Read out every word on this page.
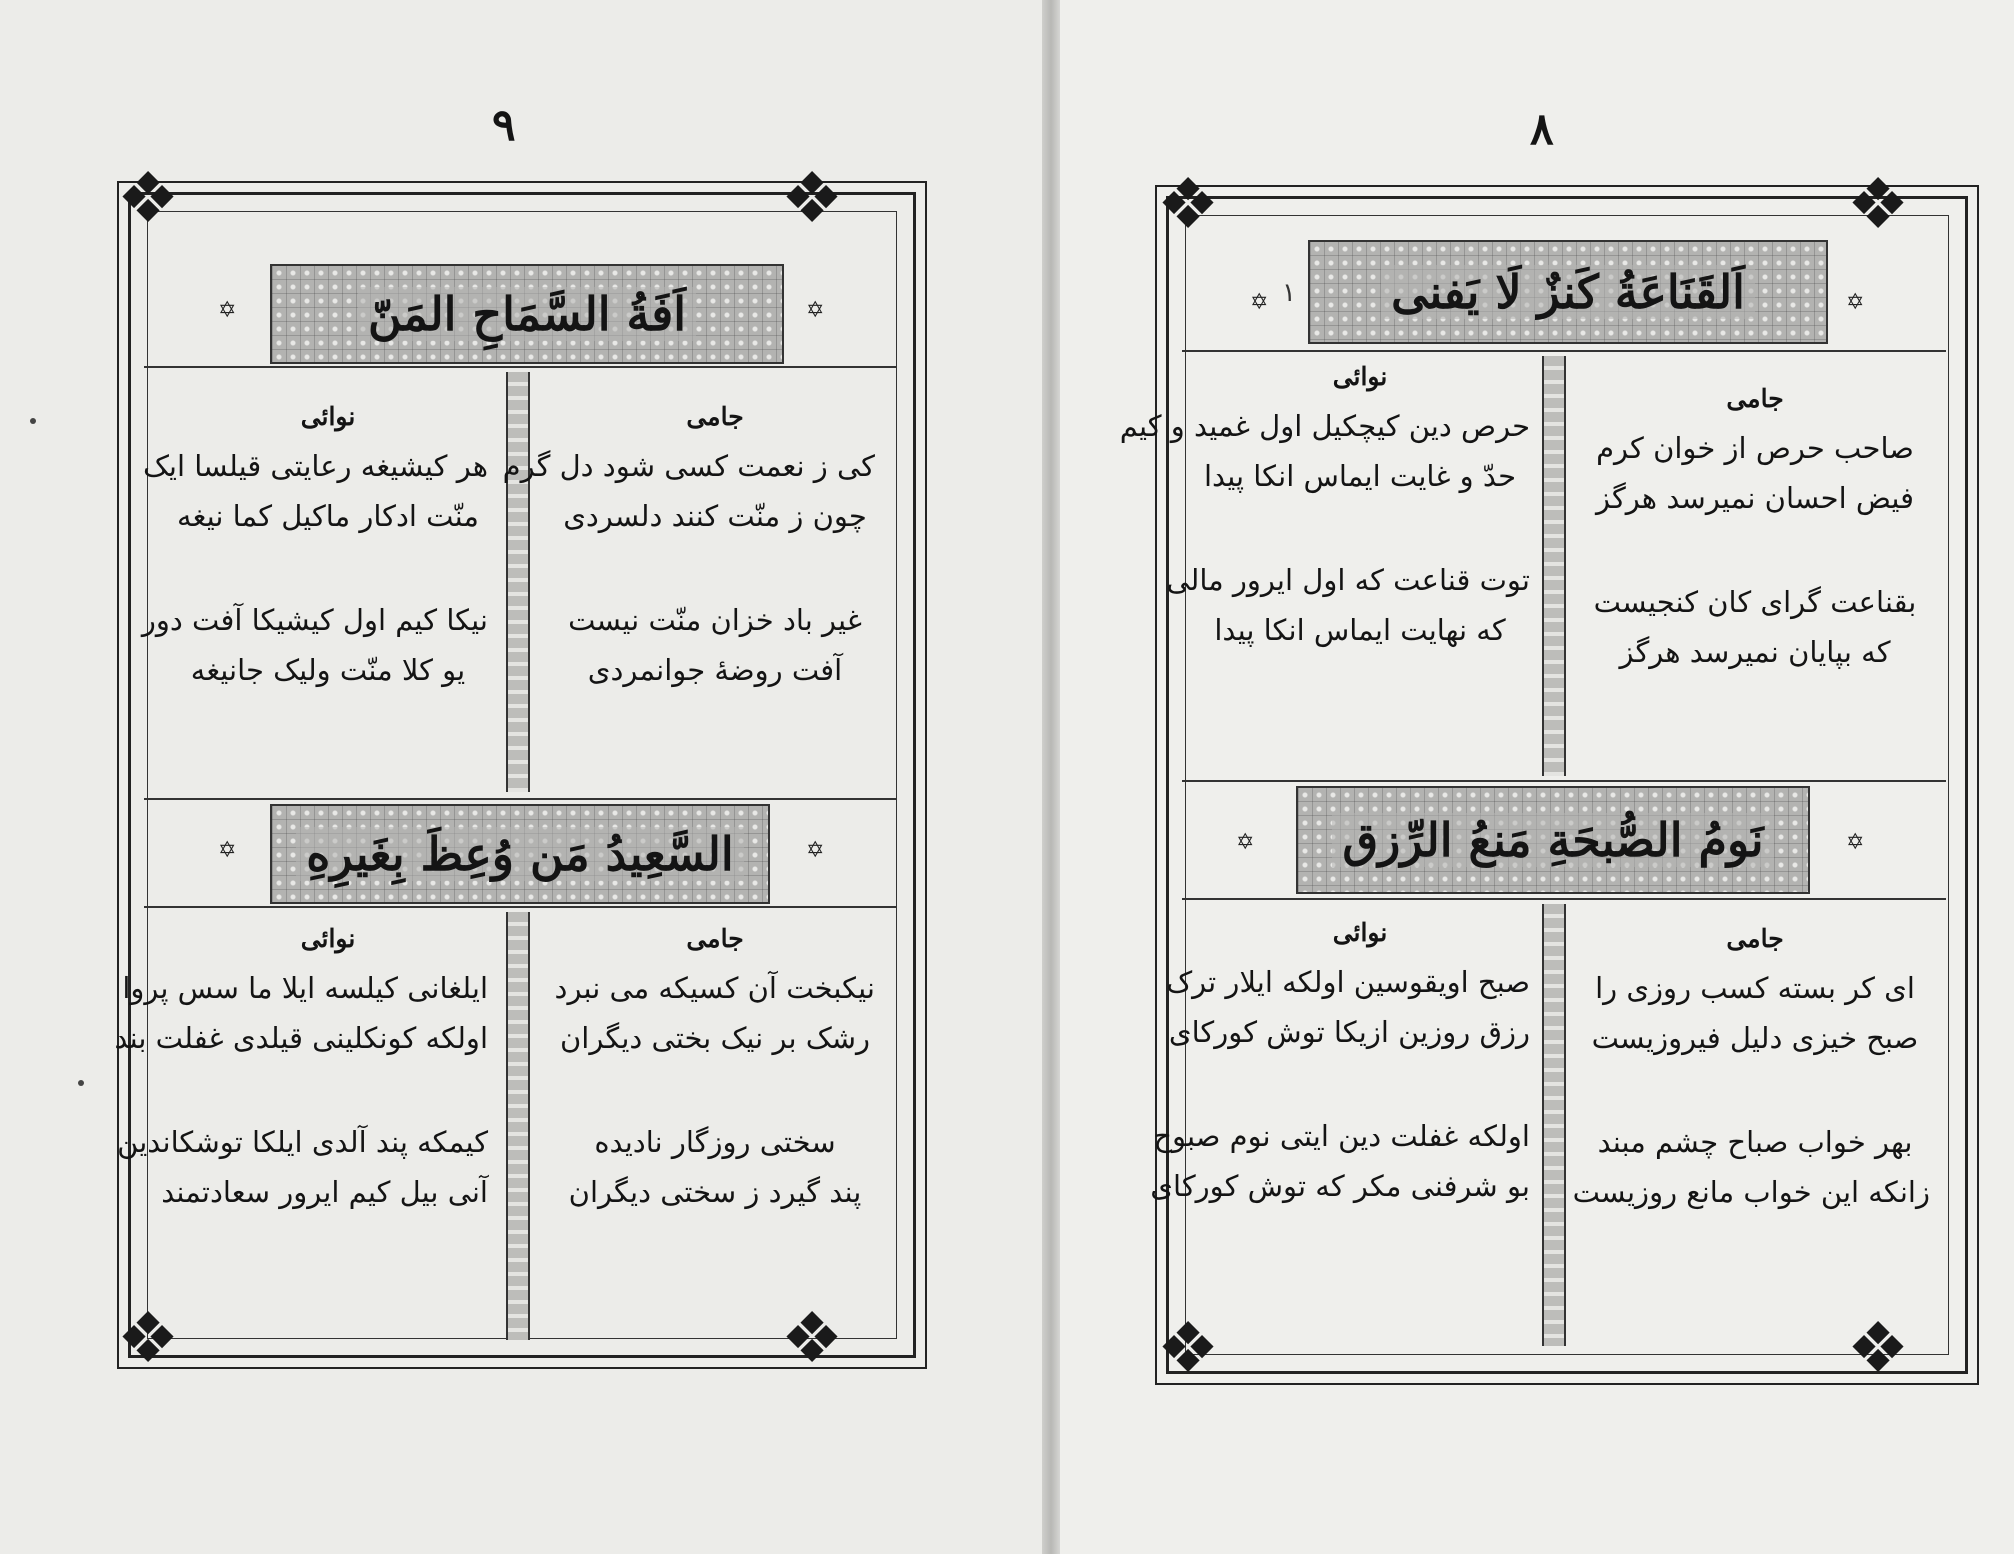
٩
❖	❖
❖	❖
✡	✡
اَفَةُ السَّمَاحِ المَنّ
جامی
کی ز نعمت کسی شود دل گرم
چون ز منّت کنند دلسردی
غیر باد خزان منّت نیست
آفت روضهٔ جوانمردی
نوائی
هر کیشیغه رعایتی قیلسا ایک
منّت ادکار ماکیل کما نیغه
نیکا کیم اول کیشیکا آفت دور
یو کلا منّت ولیک جانیغه
✡	✡
السَّعِیدُ مَن وُعِظَ بِغَیرِهِ
جامی
نیکبخت آن کسیکه می نبرد
رشک بر نیک بختی دیگران
سختی روزگار نادیده
پند گیرد ز سختی دیگران
نوائی
ایلغانی کیلسه ایلا ما سس پروا
اولکه کونکلینی قیلدی غفلت بند
کیمکه پند آلدی ایلکا توشکاندین
آنی بیل کیم ایرور سعادتمند
٨
❖	❖
❖	❖
✡ ١	✡
اَلقَنَاعَةُ کَنزٌ لَا یَفنی
جامی
صاحب حرص از خوان کرم
فیض احسان نمیرسد هرگز
بقناعت گرای کان کنجیست
که بپایان نمیرسد هرگز
نوائی
حرص دین کیچکیل اول غمید و کیم
حدّ و غایت ایماس انکا پیدا
توت قناعت که اول ایرور مالی
که نهایت ایماس انکا پیدا
✡	✡
نَومُ الصُّبحَةِ مَنعُ الرِّزق
جامی
ای کر بسته کسب روزی را
صبح خیزی دلیل فیروزیست
بهر خواب صباح چشم مبند
زانکه این خواب مانع روزیست
نوائی
صبح اویقوسین اولکه ایلار ترک
رزق روزین ازیکا توش کورکای
اولکه غفلت دین ایتی نوم صبوح
بو شرفنی مکر که توش کورکای
